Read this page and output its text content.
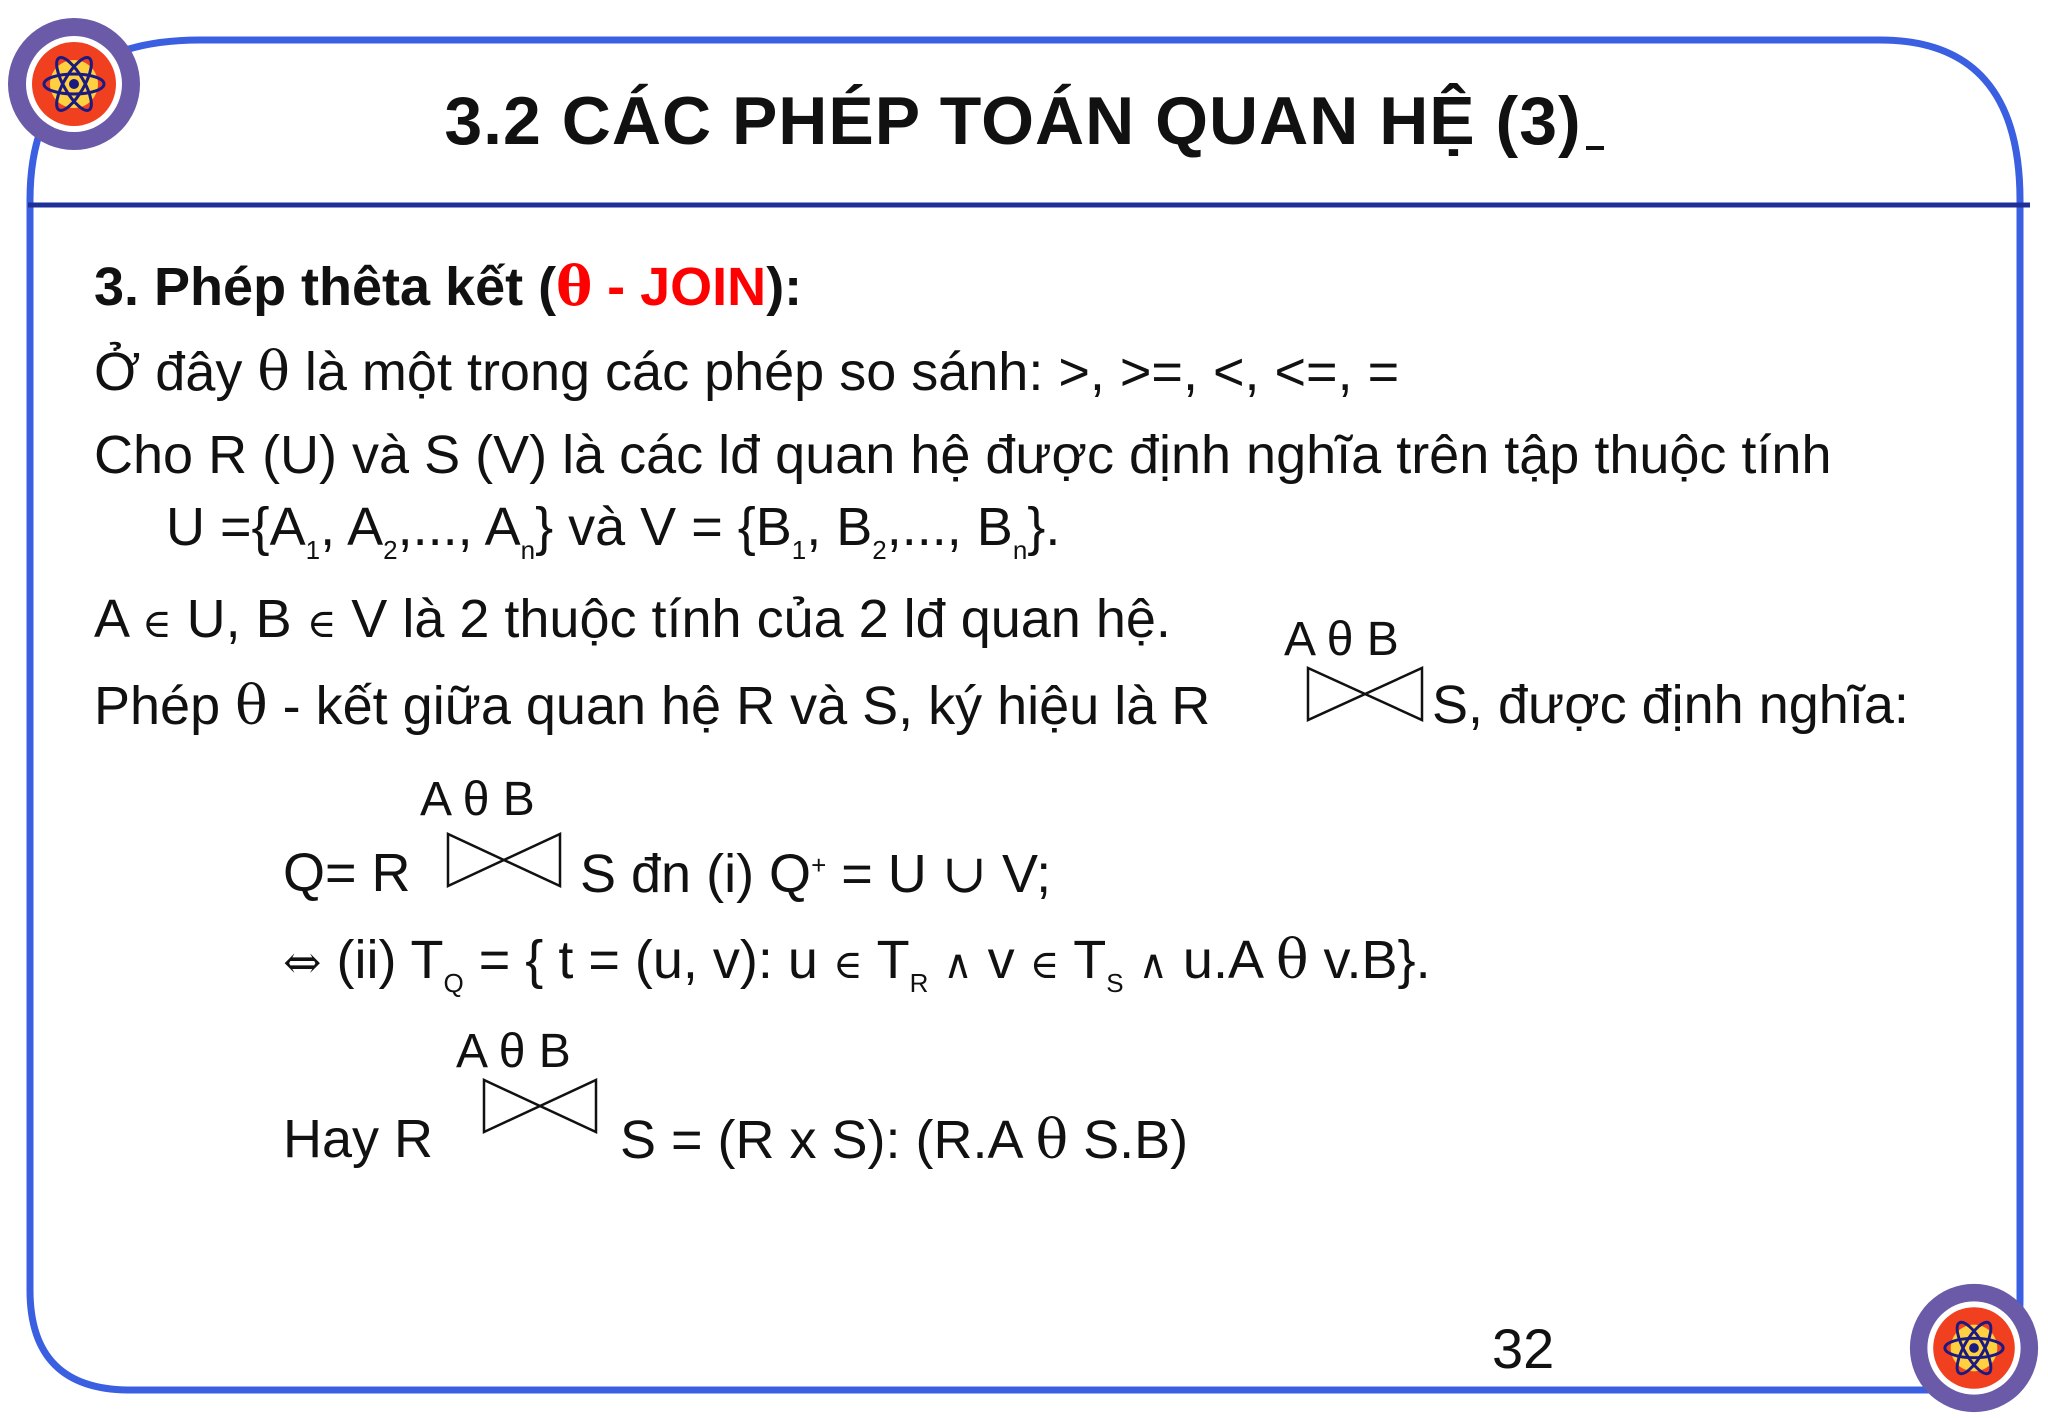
3.2 CÁC PHÉP TOÁN QUAN HỆ (3)
3. Phép thêta kết (θ - JOIN):
Ở đây θ là một trong các phép so sánh: >, >=, <, <=, =
Cho R (U) và S (V) là các lđ quan hệ được định nghĩa trên tập thuộc tính
$U =\{A_1$, $A_2$,..., $A_n$} và $V = \{B_1$, $B_2$,..., $B_n$}.
A ∈ U, B ∈ V là 2 thuộc tính của 2 lđ quan hệ. A θ B
Phép θ - kết giữa quan hệ R và S, ký hiệu là R	S, được định nghĩa:
A θ B
Q= R	S đn (i) Q+ = U ∪ V;
⇔ (ii) $T_Q$ = { t = (u, v): u ∈ $T_R$ ∧ v ∈ $T_S$ ∧ u.A θ v.B}.
A θ B
Hay R	S = (R x S): (R.A θ S.B)
32
